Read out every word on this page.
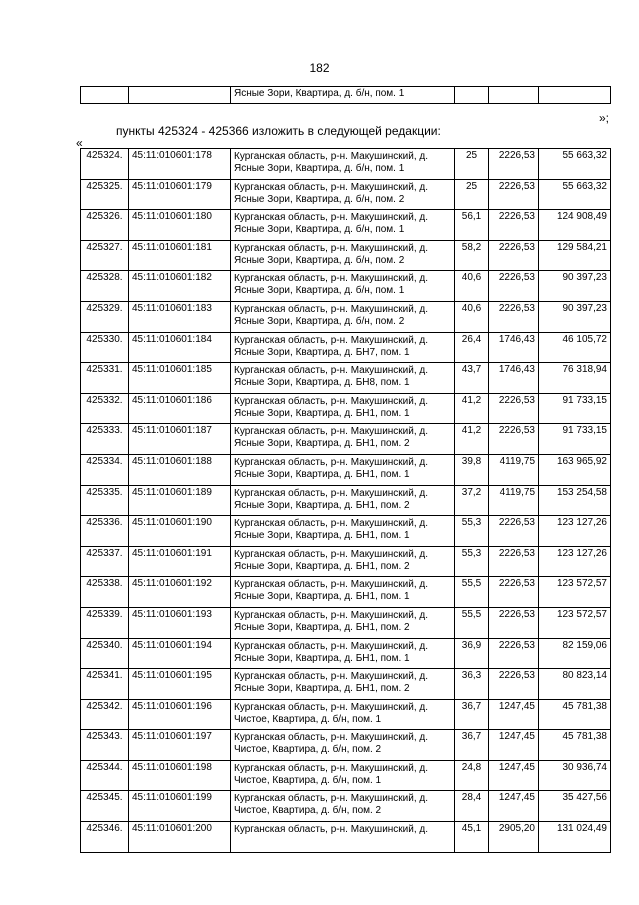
182
		Ясные Зори, Квартира, д. б/н, пом. 1			
»;
пункты 425324 - 425366 изложить в следующей редакции:
«
425324.	45:11:010601:178	Курганская область, р-н. Макушинский, д. Ясные Зори, Квартира, д. б/н, пом. 1	25	2226,53	55 663,32
425325.	45:11:010601:179	Курганская область, р-н. Макушинский, д. Ясные Зори, Квартира, д. б/н, пом. 2	25	2226,53	55 663,32
425326.	45:11:010601:180	Курганская область, р-н. Макушинский, д. Ясные Зори, Квартира, д. б/н, пом. 1	56,1	2226,53	124 908,49
425327.	45:11:010601:181	Курганская область, р-н. Макушинский, д. Ясные Зори, Квартира, д. б/н, пом. 2	58,2	2226,53	129 584,21
425328.	45:11:010601:182	Курганская область, р-н. Макушинский, д. Ясные Зори, Квартира, д. б/н, пом. 1	40,6	2226,53	90 397,23
425329.	45:11:010601:183	Курганская область, р-н. Макушинский, д. Ясные Зори, Квартира, д. б/н, пом. 2	40,6	2226,53	90 397,23
425330.	45:11:010601:184	Курганская область, р-н. Макушинский, д. Ясные Зори, Квартира, д. БН7, пом. 1	26,4	1746,43	46 105,72
425331.	45:11:010601:185	Курганская область, р-н. Макушинский, д. Ясные Зори, Квартира, д. БН8, пом. 1	43,7	1746,43	76 318,94
425332.	45:11:010601:186	Курганская область, р-н. Макушинский, д. Ясные Зори, Квартира, д. БН1, пом. 1	41,2	2226,53	91 733,15
425333.	45:11:010601:187	Курганская область, р-н. Макушинский, д. Ясные Зори, Квартира, д. БН1, пом. 2	41,2	2226,53	91 733,15
425334.	45:11:010601:188	Курганская область, р-н. Макушинский, д. Ясные Зори, Квартира, д. БН1, пом. 1	39,8	4119,75	163 965,92
425335.	45:11:010601:189	Курганская область, р-н. Макушинский, д. Ясные Зори, Квартира, д. БН1, пом. 2	37,2	4119,75	153 254,58
425336.	45:11:010601:190	Курганская область, р-н. Макушинский, д. Ясные Зори, Квартира, д. БН1, пом. 1	55,3	2226,53	123 127,26
425337.	45:11:010601:191	Курганская область, р-н. Макушинский, д. Ясные Зори, Квартира, д. БН1, пом. 2	55,3	2226,53	123 127,26
425338.	45:11:010601:192	Курганская область, р-н. Макушинский, д. Ясные Зори, Квартира, д. БН1, пом. 1	55,5	2226,53	123 572,57
425339.	45:11:010601:193	Курганская область, р-н. Макушинский, д. Ясные Зори, Квартира, д. БН1, пом. 2	55,5	2226,53	123 572,57
425340.	45:11:010601:194	Курганская область, р-н. Макушинский, д. Ясные Зори, Квартира, д. БН1, пом. 1	36,9	2226,53	82 159,06
425341.	45:11:010601:195	Курганская область, р-н. Макушинский, д. Ясные Зори, Квартира, д. БН1, пом. 2	36,3	2226,53	80 823,14
425342.	45:11:010601:196	Курганская область, р-н. Макушинский, д. Чистое, Квартира, д. б/н, пом. 1	36,7	1247,45	45 781,38
425343.	45:11:010601:197	Курганская область, р-н. Макушинский, д. Чистое, Квартира, д. б/н, пом. 2	36,7	1247,45	45 781,38
425344.	45:11:010601:198	Курганская область, р-н. Макушинский, д. Чистое, Квартира, д. б/н, пом. 1	24,8	1247,45	30 936,74
425345.	45:11:010601:199	Курганская область, р-н. Макушинский, д. Чистое, Квартира, д. б/н, пом. 2	28,4	1247,45	35 427,56
425346.	45:11:010601:200	Курганская область, р-н. Макушинский, д.	45,1	2905,20	131 024,49
